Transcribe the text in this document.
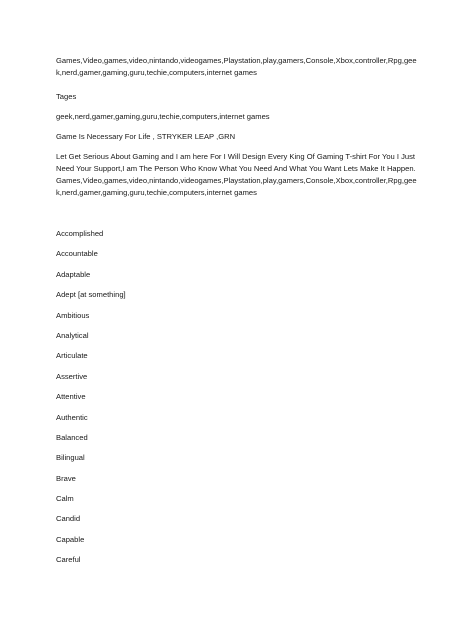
Games,Video,games,video,nintando,videogames,Playstation,play,gamers,Console,Xbox,controller,Rpg,geek,nerd,gamer,gaming,guru,techie,computers,internet games
Tages
geek,nerd,gamer,gaming,guru,techie,computers,internet games
Game Is Necessary For Life , STRYKER LEAP ,GRN
Let Get Serious About Gaming and I am here For I Will Design Every King Of Gaming T-shirt For You I Just Need Your Support,I am The Person Who Know What You Need And What You Want Lets Make It Happen.Games,Video,games,video,nintando,videogames,Playstation,play,gamers,Console,Xbox,controller,Rpg,geek,nerd,gamer,gaming,guru,techie,computers,internet games
Accomplished
Accountable
Adaptable
Adept [at something]
Ambitious
Analytical
Articulate
Assertive
Attentive
Authentic
Balanced
Bilingual
Brave
Calm
Candid
Capable
Careful
